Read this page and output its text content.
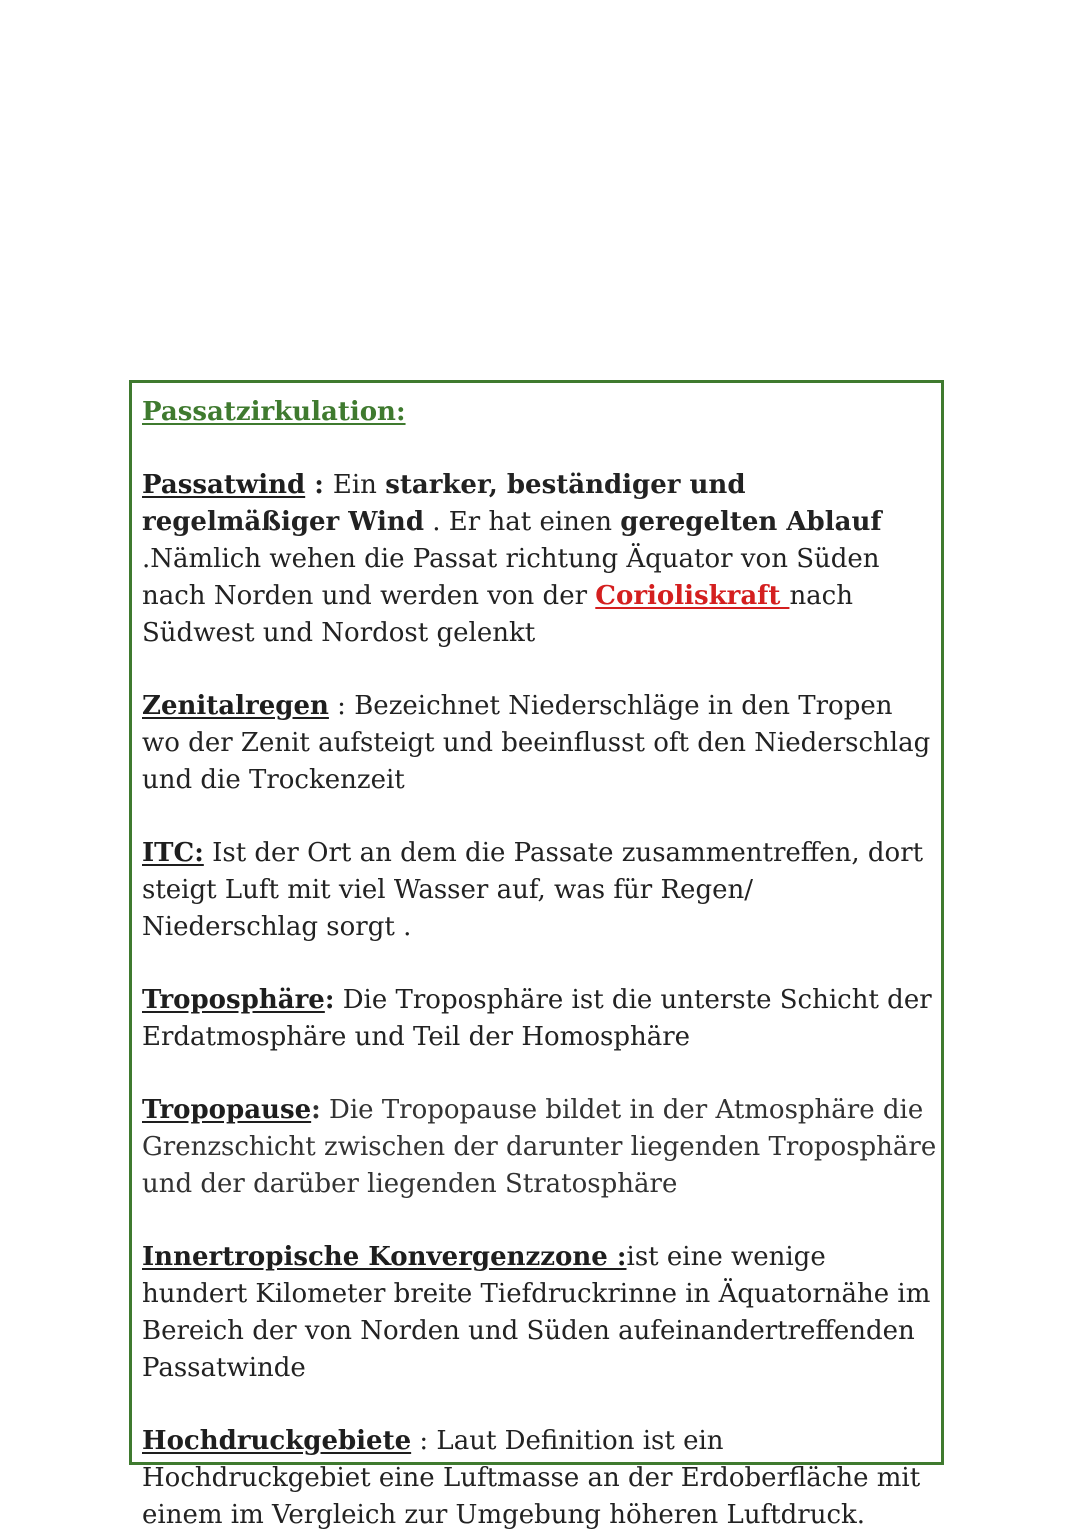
Passatzirkulation:
Passatwind : Ein starker, beständiger und regelmäßiger Wind . Er hat einen geregelten Ablauf .Nämlich wehen die Passat richtung Äquator von Süden nach Norden und werden von der Corioliskraft nach Südwest und Nordost gelenkt
Zenitalregen : Bezeichnet Niederschläge in den Tropen wo der Zenit aufsteigt und beeinflusst oft den Niederschlag und die Trockenzeit
ITC: Ist der Ort an dem die Passate zusammentreffen, dort steigt Luft mit viel Wasser auf, was für Regen/ Niederschlag sorgt .
Troposphäre: Die Troposphäre ist die unterste Schicht der Erdatmosphäre und Teil der Homosphäre
Tropopause: Die Tropopause bildet in der Atmosphäre die Grenzschicht zwischen der darunter liegenden Troposphäre und der darüber liegenden Stratosphäre
Innertropische Konvergenzzone :ist eine wenige hundert Kilometer breite Tiefdruckrinne in Äquatornähe im Bereich der von Norden und Süden aufeinandertreffenden Passatwinde
Hochdruckgebiete : Laut Definition ist ein Hochdruckgebiet eine Luftmasse an der Erdoberfläche mit einem im Vergleich zur Umgebung höheren Luftdruck.
